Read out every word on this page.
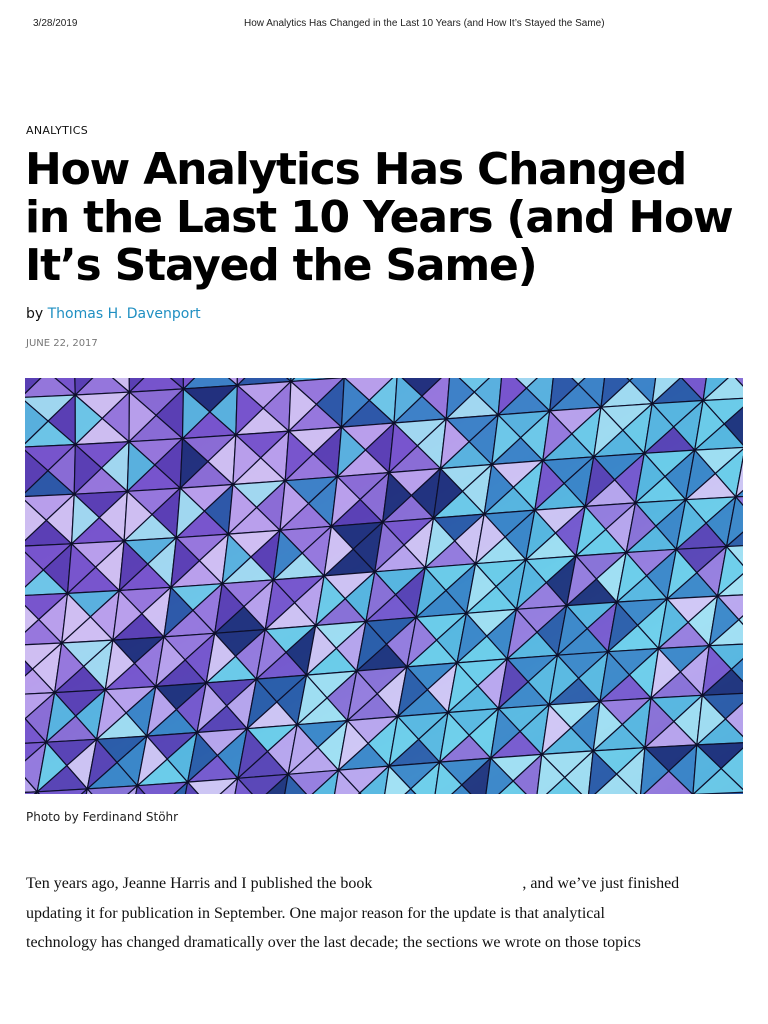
3/28/2019	How Analytics Has Changed in the Last 10 Years (and How It’s Stayed the Same)
ANALYTICS
How Analytics Has Changed in the Last 10 Years (and How It’s Stayed the Same)
by Thomas H. Davenport
JUNE 22, 2017
Photo by Ferdinand Stöhr
Ten years ago, Jeanne Harris and I published the book	, and we’ve just finished
updating it for publication in September. One major reason for the update is that analytical
technology has changed dramatically over the last decade; the sections we wrote on those topics
